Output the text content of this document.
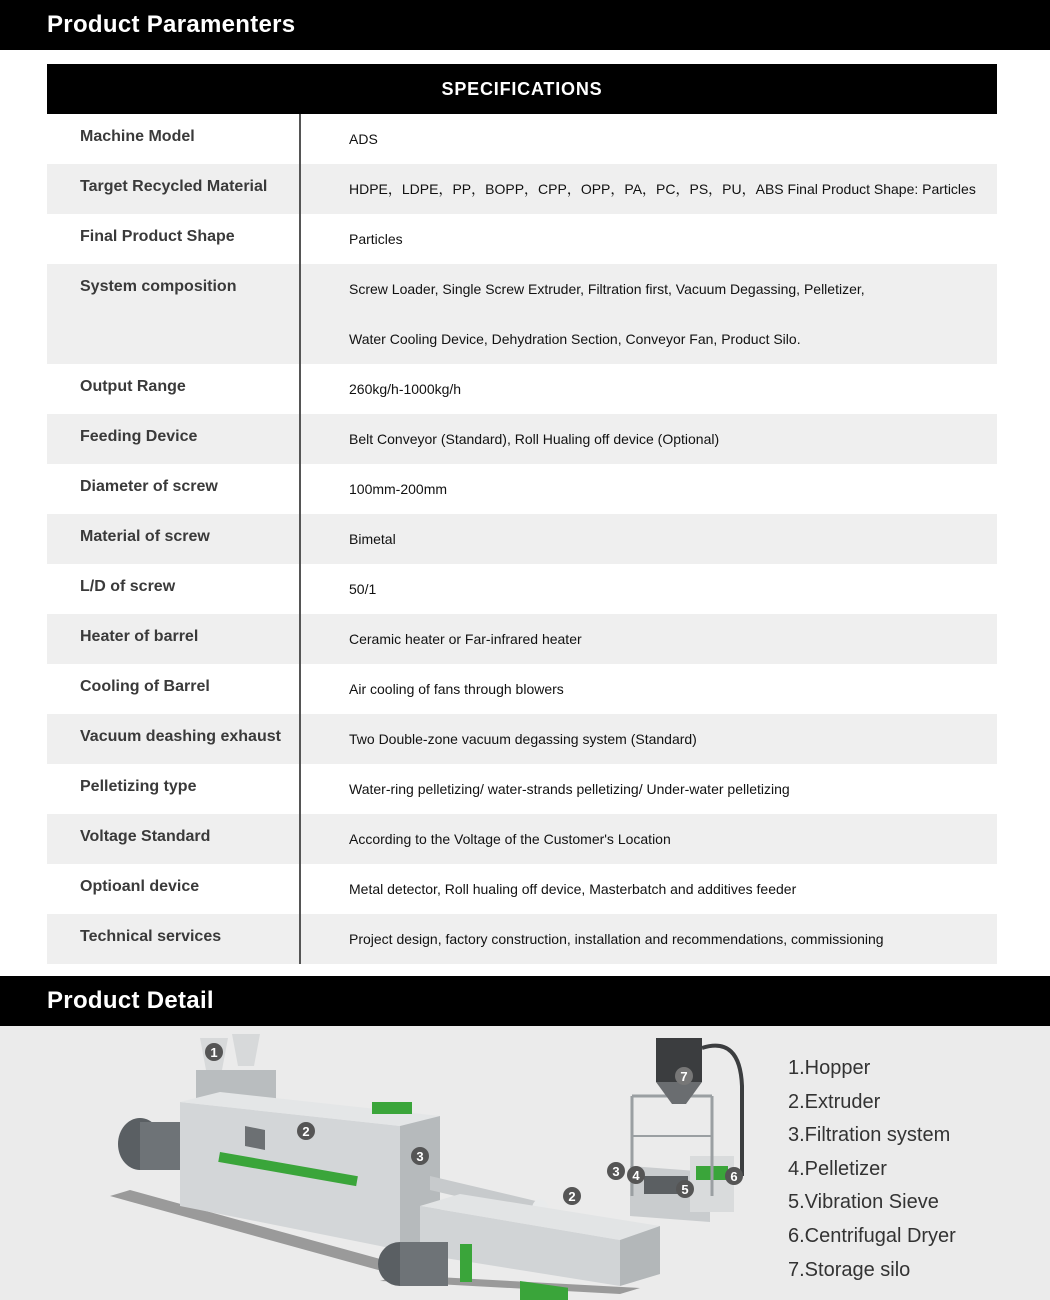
Product Paramenters
SPECIFICATIONS
Machine Model	ADS
Target Recycled Material	HDPE，LDPE，PP，BOPP，CPP，OPP，PA，PC，PS，PU，ABS Final Product Shape: Particles
Final Product Shape	Particles
System composition	Screw Loader, Single Screw Extruder, Filtration first, Vacuum Degassing, Pelletizer,
Water Cooling Device, Dehydration Section, Conveyor Fan, Product Silo.
Output Range	260kg/h-1000kg/h
Feeding Device	Belt Conveyor (Standard), Roll Hualing off device (Optional)
Diameter of screw	100mm-200mm
Material of screw	Bimetal
L/D of screw	50/1
Heater of barrel	Ceramic heater or Far-infrared heater
Cooling of Barrel	Air cooling of fans through blowers
Vacuum deashing exhaust	Two Double-zone vacuum degassing system (Standard)
Pelletizing type	Water-ring pelletizing/ water-strands pelletizing/ Under-water pelletizing
Voltage Standard	According to the Voltage of the Customer's Location
Optioanl device	Metal detector, Roll hualing off device, Masterbatch and additives feeder
Technical services	Project design, factory construction, installation and recommendations, commissioning
Product Detail
1
2
3
2
3 4
5
6
7	1.Hopper
2.Extruder
3.Filtration system
4.Pelletizer
5.Vibration Sieve
6.Centrifugal Dryer
7.Storage silo
